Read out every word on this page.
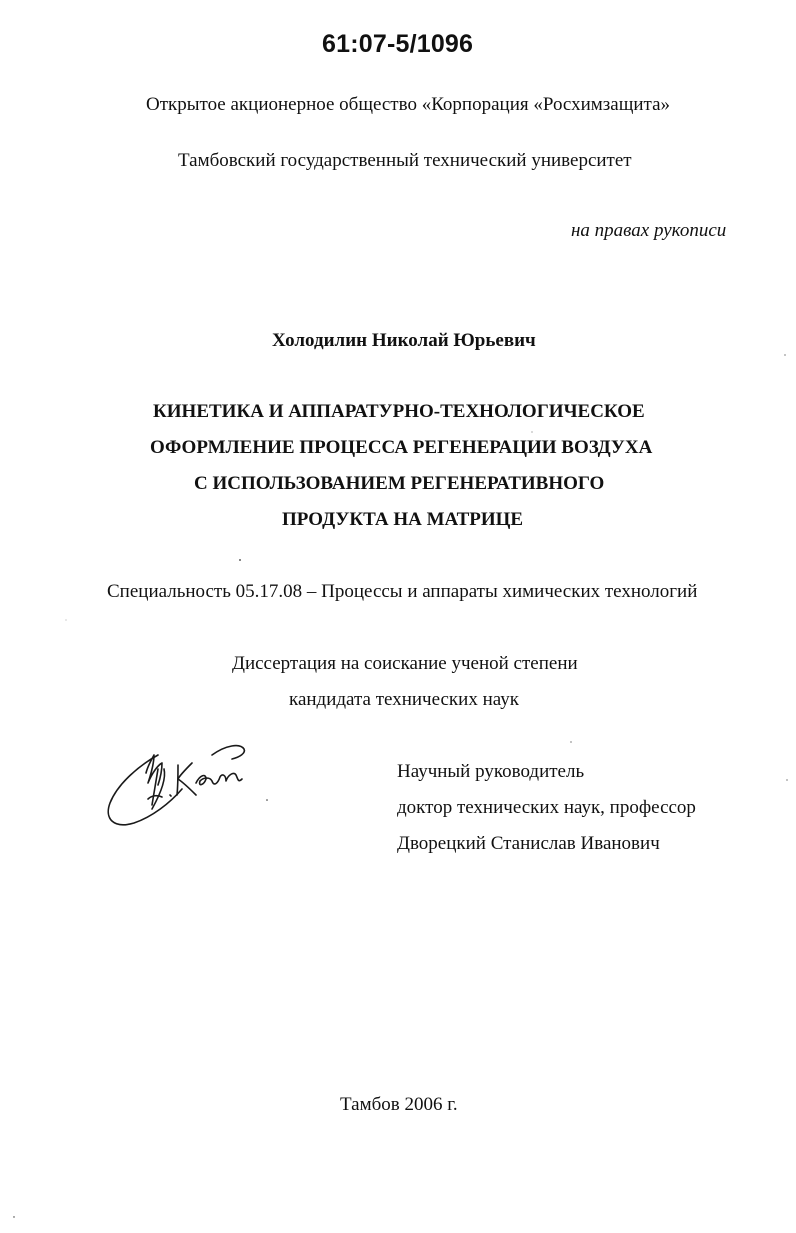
61:07-5/1096
Открытое акционерное общество «Корпорация «Росхимзащита»
Тамбовский государственный технический университет
на правах рукописи
Холодилин Николай Юрьевич
КИНЕТИКА И АППАРАТУРНО-ТЕХНОЛОГИЧЕСКОЕ
ОФОРМЛЕНИЕ ПРОЦЕССА РЕГЕНЕРАЦИИ ВОЗДУХА
С ИСПОЛЬЗОВАНИЕМ РЕГЕНЕРАТИВНОГО
ПРОДУКТА НА МАТРИЦЕ
Специальность 05.17.08 – Процессы и аппараты химических технологий
Диссертация на соискание ученой степени
кандидата технических наук
Научный руководитель
доктор технических наук, профессор
Дворецкий Станислав Иванович
Тамбов 2006 г.
